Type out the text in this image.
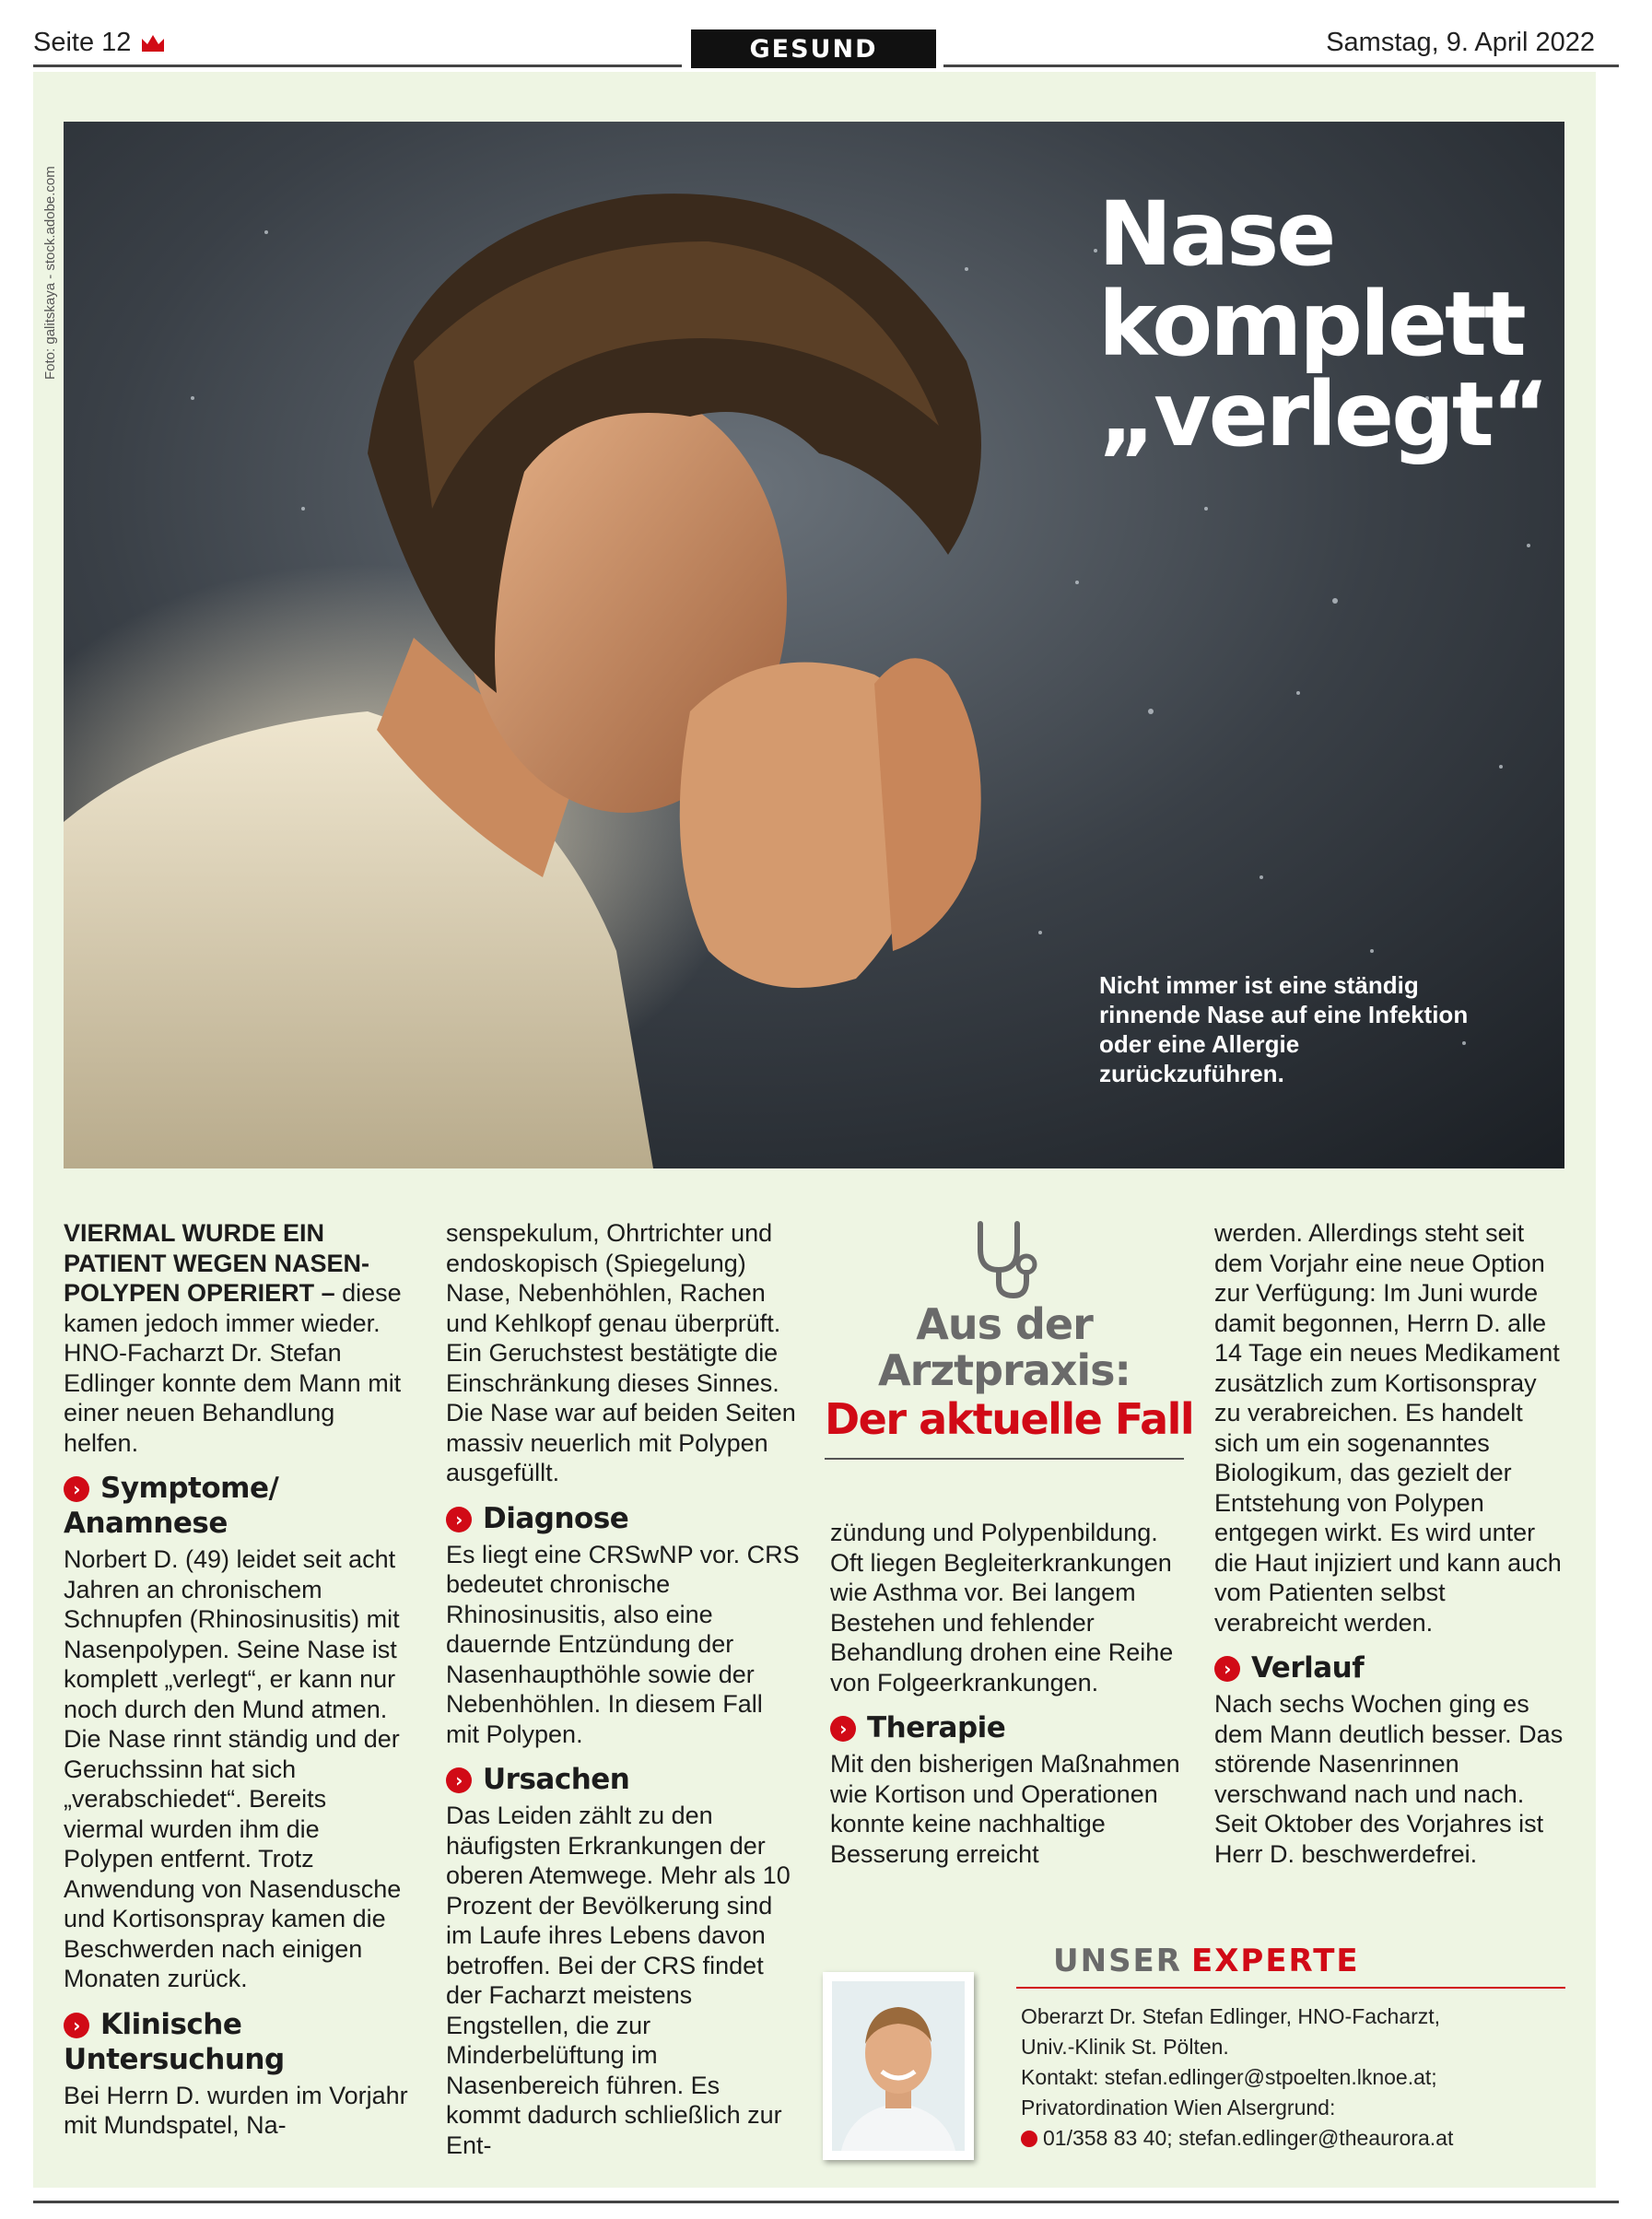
Seite 12	GESUND	Samstag, 9. April 2022
Foto: galitskaya - stock.adobe.com	Nase
komplett
„verlegt“
Nicht immer ist eine ständig rinnende Nase auf eine Infektion oder eine Allergie zurückzuführen.

VIERMAL WURDE EIN PATIENT WEGEN NASEN-POLYPEN OPERIERT – diese kamen jedoch immer wieder. HNO-Facharzt Dr. Stefan Edlinger konnte dem Mann mit einer neuen Behandlung helfen.

› Symptome/ Anamnese

Norbert D. (49) leidet seit acht Jahren an chronischem Schnupfen (Rhinosinusitis) mit Nasenpolypen. Seine Nase ist komplett „verlegt“, er kann nur noch durch den Mund atmen. Die Nase rinnt ständig und der Geruchssinn hat sich „verabschiedet“. Bereits viermal wurden ihm die Polypen entfernt. Trotz Anwendung von Nasendusche und Kortisonspray kamen die Beschwerden nach einigen Monaten zurück.

› Klinische Untersuchung

Bei Herrn D. wurden im Vorjahr mit Mundspatel, Na-

senspekulum, Ohrtrichter und endoskopisch (Spiegelung) Nase, Nebenhöhlen, Rachen und Kehlkopf genau überprüft. Ein Geruchstest bestätigte die Einschränkung dieses Sinnes. Die Nase war auf beiden Seiten massiv neuerlich mit Polypen ausgefüllt.

› Diagnose

Es liegt eine CRSwNP vor. CRS bedeutet chronische Rhinosinusitis, also eine dauernde Entzündung der Nasenhaupthöhle sowie der Nebenhöhlen. In diesem Fall mit Polypen.

› Ursachen

Das Leiden zählt zu den häufigsten Erkrankungen der oberen Atemwege. Mehr als 10 Prozent der Bevölkerung sind im Laufe ihres Lebens davon betroffen. Bei der CRS findet der Facharzt meistens Engstellen, die zur Minderbelüftung im Nasenbereich führen. Es kommt dadurch schließlich zur Ent-

Aus der Arztpraxis:
Der aktuelle Fall

zündung und Polypenbildung. Oft liegen Begleiterkrankungen wie Asthma vor. Bei langem Bestehen und fehlender Behandlung drohen eine Reihe von Folgeerkrankungen.

› Therapie

Mit den bisherigen Maßnahmen wie Kortison und Operationen konnte keine nachhaltige Besserung erreicht

werden. Allerdings steht seit dem Vorjahr eine neue Option zur Verfügung: Im Juni wurde damit begonnen, Herrn D. alle 14 Tage ein neues Medikament zusätzlich zum Kortisonspray zu verabreichen. Es handelt sich um ein sogenanntes Biologikum, das gezielt der Entstehung von Polypen entgegen wirkt. Es wird unter die Haut injiziert und kann auch vom Patienten selbst verabreicht werden.

› Verlauf

Nach sechs Wochen ging es dem Mann deutlich besser. Das störende Nasenrinnen verschwand nach und nach. Seit Oktober des Vorjahres ist Herr D. beschwerdefrei.

UNSER EXPERTE
Oberarzt Dr. Stefan Edlinger, HNO-Facharzt,
Univ.-Klinik St. Pölten.
Kontakt: stefan.edlinger@stpoelten.lknoe.at;
Privatordination Wien Alsergrund:
01/358 83 40; stefan.edlinger@theaurora.at
